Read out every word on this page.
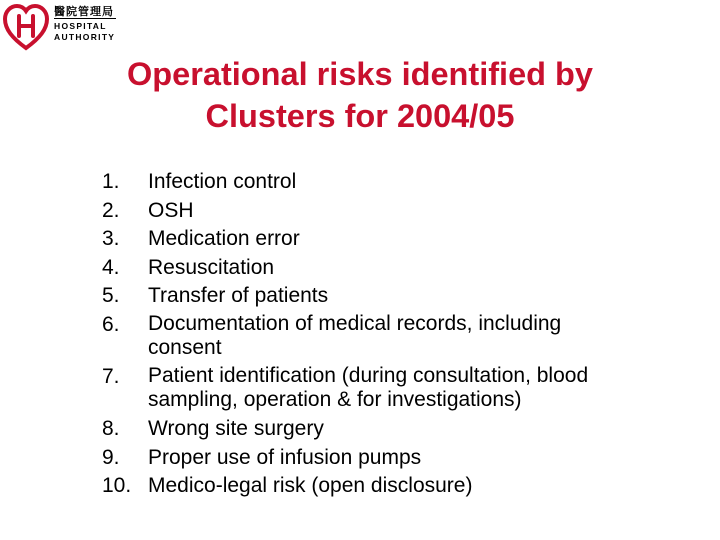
醫院管理局
HOSPITAL
AUTHORITY
Operational risks identified by
Clusters for 2004/05
1. Infection control
2. OSH
3. Medication error
4. Resuscitation
5. Transfer of patients
6. Documentation of medical records, including consent
7. Patient identification (during consultation, blood sampling, operation & for investigations)
8. Wrong site surgery
9. Proper use of infusion pumps
10. Medico-legal risk (open disclosure)
